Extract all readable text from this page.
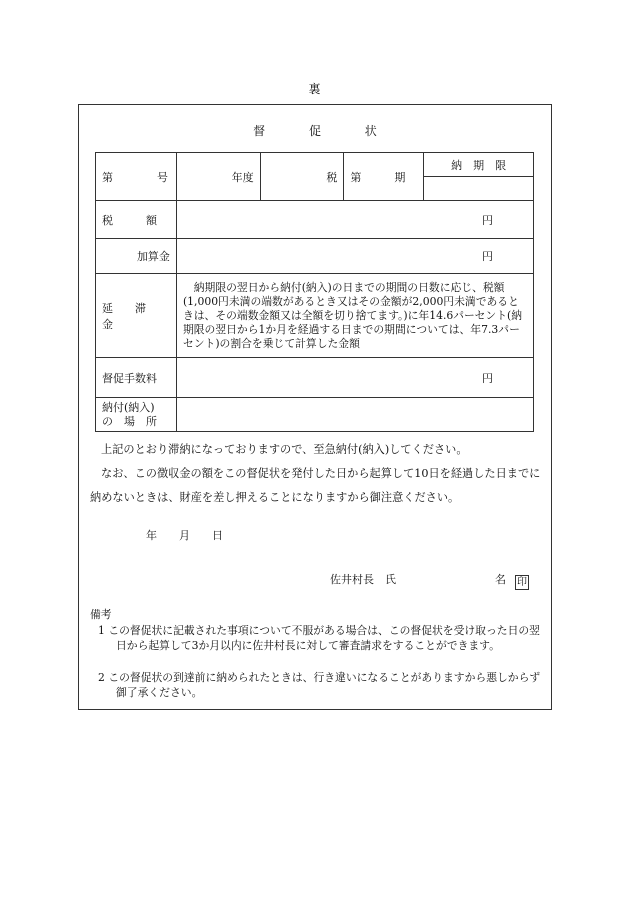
裏
督 促 状
第　　　　号	年度	税	第　　　期	納　期　限

税　　　額	円			
加算金	円			
延　　滞　　金	　納期限の翌日から納付(納入)の日までの期間の日数に応じ、税額(1,000円未満の端数があるとき又はその金額が2,000円未満であるときは、その端数金額又は全額を切り捨てます。)に年14.6パーセント(納期限の翌日から1か月を経過する日までの期間については、年7.3パーセント)の割合を乗じて計算した金額			
督促手数料	円			

納付(納入)
の　場　所				

上記のとおり滞納になっておりますので、至急納付(納入)してください。
なお、この徴収金の額をこの督促状を発付した日から起算して10日を経過した日までに納めないときは、財産を差し押えることになりますから御注意ください。
年　　月　　日
佐井村長　氏	名 印
備考
1 この督促状に記載された事項について不服がある場合は、この督促状を受け取った日の翌日から起算して3か月以内に佐井村長に対して審査請求をすることができます。
2 この督促状の到達前に納められたときは、行き違いになることがありますから悪しからず御了承ください。
